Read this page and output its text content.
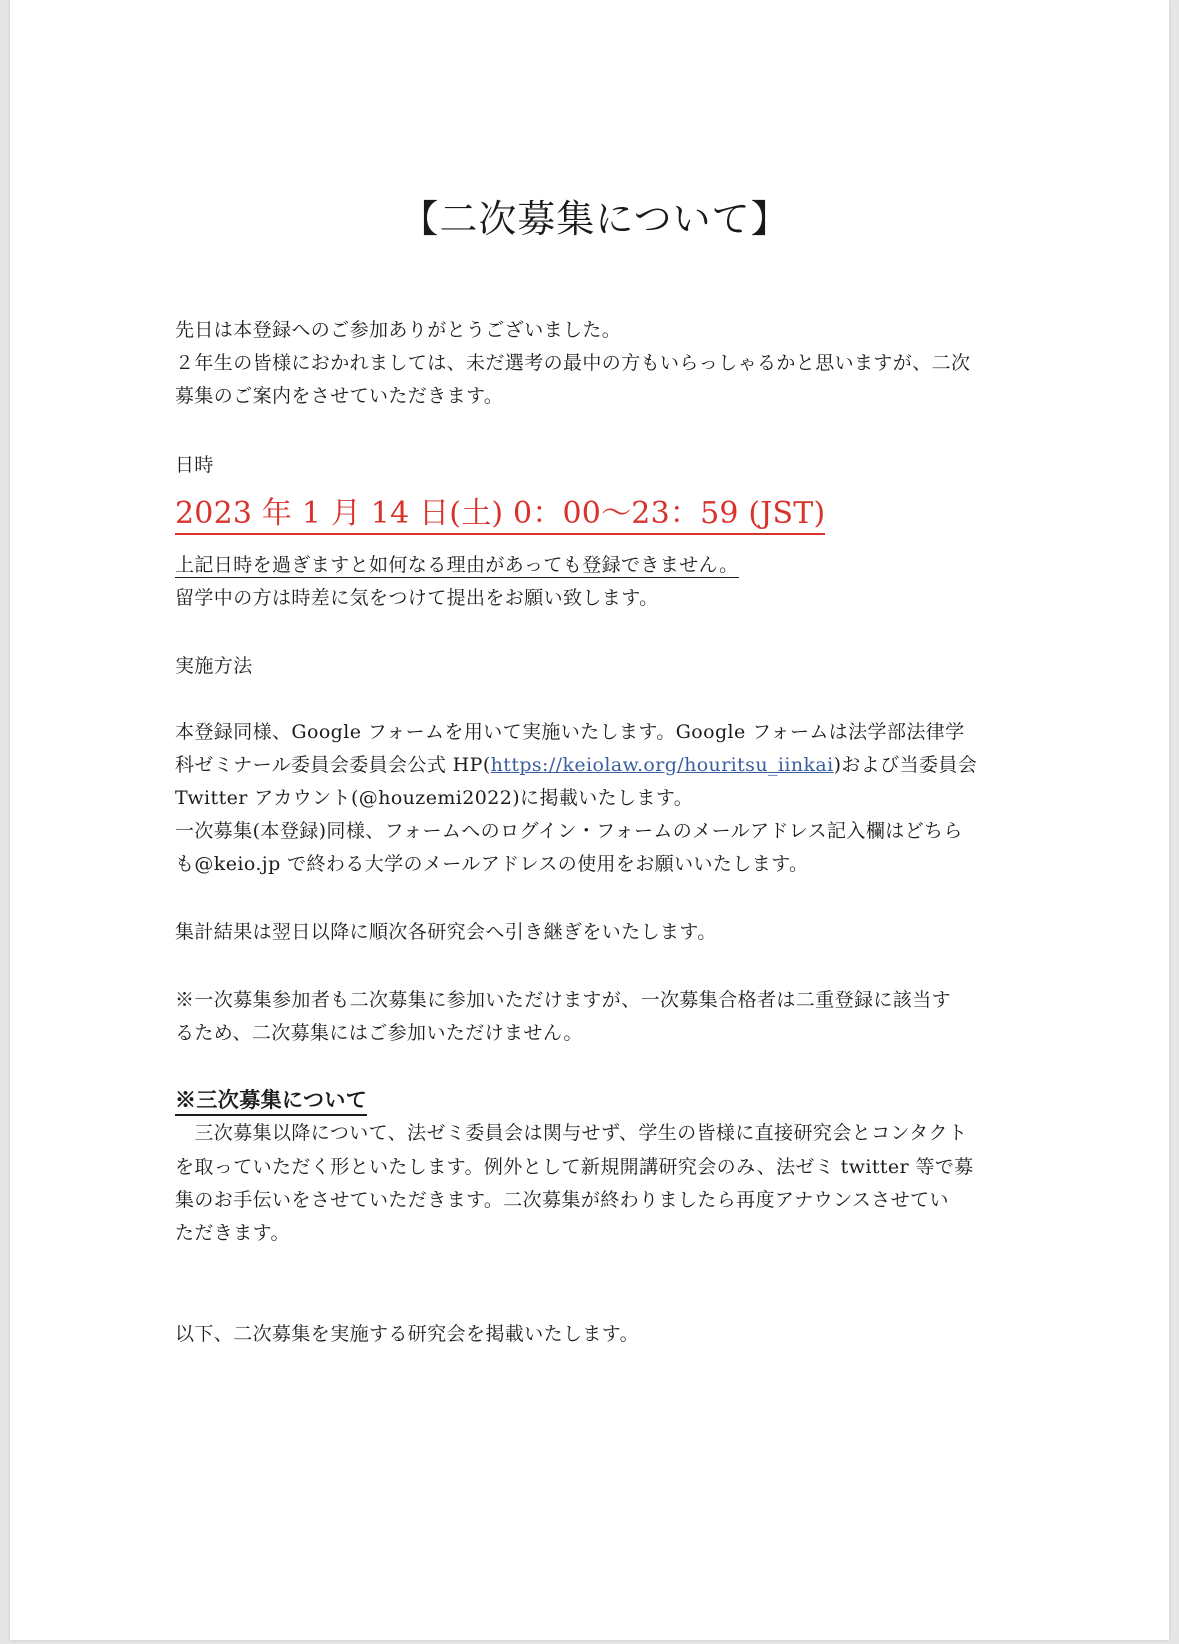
【二次募集について】
先日は本登録へのご参加ありがとうございました。
２年生の皆様におかれましては、未だ選考の最中の方もいらっしゃるかと思いますが、二次
募集のご案内をさせていただきます。
日時
2023 年 1 月 14 日(土) 0：00〜23：59 (JST)
上記日時を過ぎますと如何なる理由があっても登録できません。
留学中の方は時差に気をつけて提出をお願い致します。
実施方法
本登録同様、Google フォームを用いて実施いたします。Google フォームは法学部法律学
科ゼミナール委員会委員会公式 HP(https://keiolaw.org/houritsu_iinkai)および当委員会
Twitter アカウント(@houzemi2022)に掲載いたします。
一次募集(本登録)同様、フォームへのログイン・フォームのメールアドレス記入欄はどちら
も@keio.jp で終わる大学のメールアドレスの使用をお願いいたします。
集計結果は翌日以降に順次各研究会へ引き継ぎをいたします。
※一次募集参加者も二次募集に参加いただけますが、一次募集合格者は二重登録に該当す
るため、二次募集にはご参加いただけません。
※三次募集について
　三次募集以降について、法ゼミ委員会は関与せず、学生の皆様に直接研究会とコンタクト
を取っていただく形といたします。例外として新規開講研究会のみ、法ゼミ twitter 等で募
集のお手伝いをさせていただきます。二次募集が終わりましたら再度アナウンスさせてい
ただきます。
以下、二次募集を実施する研究会を掲載いたします。
